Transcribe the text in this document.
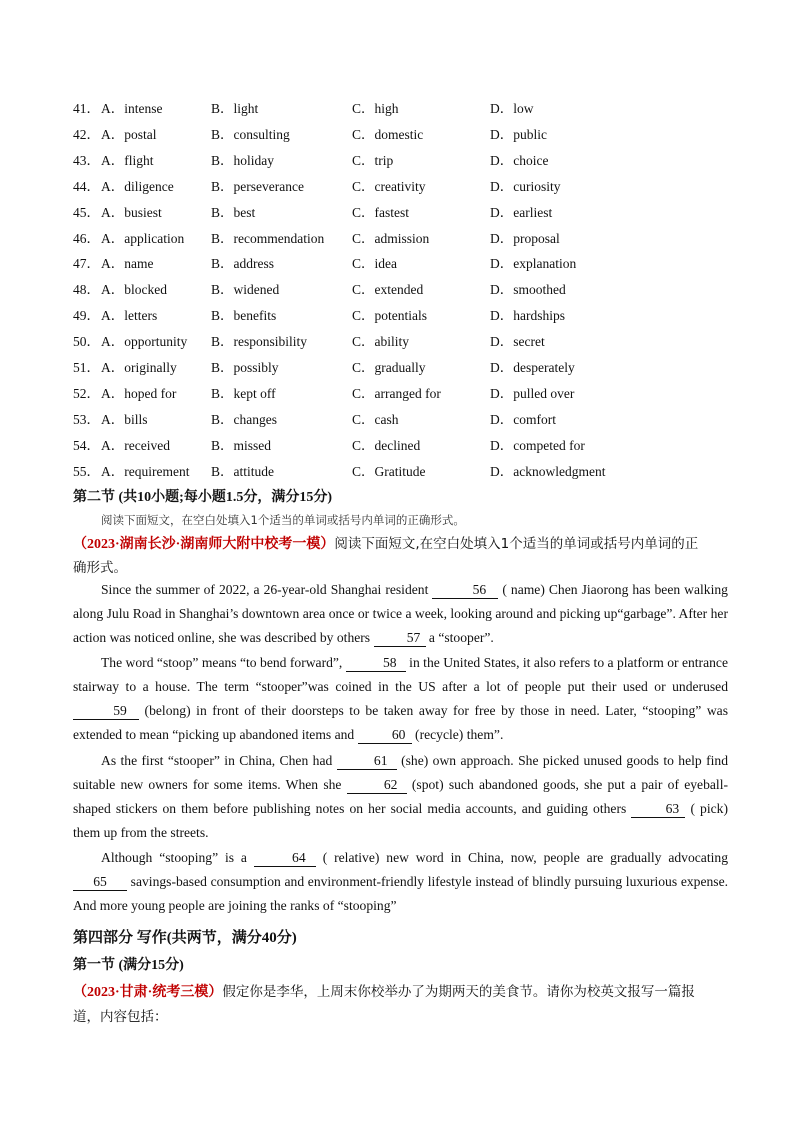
41． A．intense	B．light	C．high	D．low
42． A．postal	B．consulting	C．domestic	D．public
43． A．flight	B．holiday	C．trip	D．choice
44． A．diligence	B．perseverance	C．creativity	D．curiosity
45． A．busiest	B．best	C．fastest	D．earliest
46． A．application B．recommendation C．admission	D．proposal
47． A．name	B．address	C．idea	D．explanation
48． A．blocked	B．widened	C．extended	D．smoothed
49． A．letters	B．benefits	C．potentials	D．hardships
50． A．opportunity B．responsibility	C．ability	D．secret
51． A．originally	B．possibly	C．gradually	D．desperately
52． A．hoped for	B．kept off	C．arranged for	D．pulled over
53． A．bills	B．changes	C．cash	D．comfort
54． A．received	B．missed	C．declined	D．competed for
55． A．requirement B．attitude	C．Gratitude	D．acknowledgment
第二节 (共10小题;每小题1.5分，满分15分)
阅读下面短文，在空白处填入1个适当的单词或括号内单词的正确形式。
（2023·湖南长沙·湖南师大附中校考一模）阅读下面短文,在空白处填入1个适当的单词或括号内单词的正
确形式。
Since the summer of 2022, a 26-year-old Shanghai resident	56 ( name) Chen Jiaorong has been walking along Julu Road in Shanghai’s downtown area once or twice a week, looking around and picking up“garbage”. After her action was noticed online, she was described by others 57 a “stooper”.
The word “stoop” means “to bend forward”,	58 in the United States, it also refers to a platform or entrance stairway to a house. The term “stooper”was coined in the US after a lot of people put their used or underused 59 (belong) in front of their doorsteps to be taken away for free by those in need. Later, “stooping” was extended to mean “picking up abandoned items and	60 (recycle) them”.
As the first “stooper” in China, Chen had	61 (she) own approach. She picked unused goods to help find suitable new owners for some items. When she	62 (spot) such abandoned goods, she put a pair of eyeball-shaped stickers on them before publishing notes on her social media accounts, and guiding others	63 ( pick) them up from the streets.
Although “stooping” is a	64 ( relative) new word in China, now, people are gradually advocating 65 savings-based consumption and environment-friendly lifestyle instead of blindly pursuing luxurious expense. And more young people are joining the ranks of “stooping”
第四部分 写作(共两节，满分40分)
第一节 (满分15分)
（2023·甘肃·统考三模）假定你是李华，上周末你校举办了为期两天的美食节。请你为校英文报写一篇报
道，内容包括：
